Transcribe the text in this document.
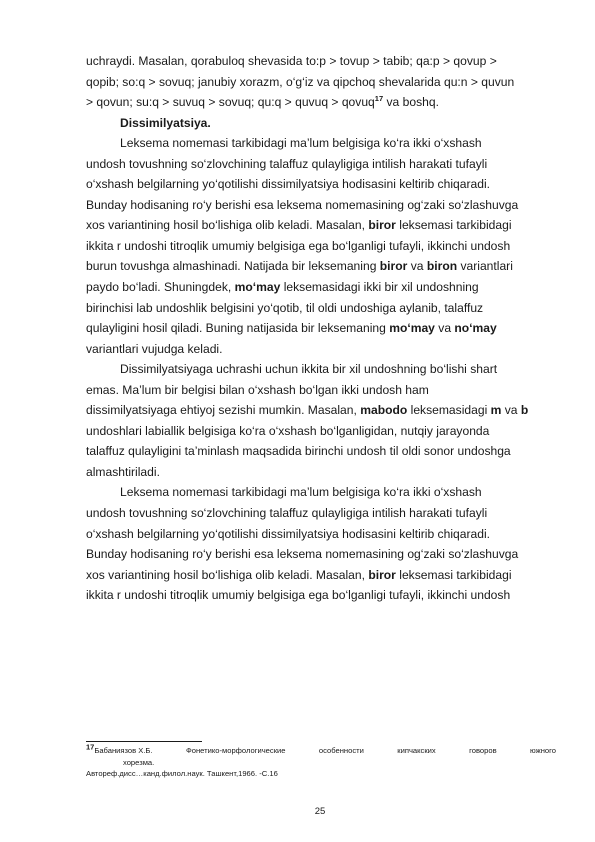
uchraydi. Masalan, qorabuloq shevasida to:p > tovup > tabib; qa:p > qovup >
qopib; so:q > sovuq; janubiy xorazm, o‘g‘iz va qipchoq shevalarida qu:n > quvun
> qovun; su:q > suvuq > sovuq; qu:q > quvuq > qovuq$^{17}$ va boshq.
Dissimilyatsiya.
Leksema nomemasi tarkibidagi ma’lum belgisiga ko‘ra ikki o‘xshash
undosh tovushning so‘zlovchining talaffuz qulayligiga intilish harakati tufayli
o‘xshash belgilarning yo‘qotilishi dissimilyatsiya hodisasini keltirib chiqaradi.
Bunday hodisaning ro‘y berishi esa leksema nomemasining og‘zaki so‘zlashuvga
xos variantining hosil bo‘lishiga olib keladi. Masalan, biror leksemasi tarkibidagi
ikkita r undoshi titroqlik umumiy belgisiga ega bo‘lganligi tufayli, ikkinchi undosh
burun tovushga almashinadi. Natijada bir leksemaning biror va biron variantlari
paydo bo‘ladi. Shuningdek, mo‘may leksemasidagi ikki bir xil undoshning
birinchisi lab undoshlik belgisini yo‘qotib, til oldi undoshiga aylanib, talaffuz
qulayligini hosil qiladi. Buning natijasida bir leksemaning mo‘may va no‘may
variantlari vujudga keladi.
Dissimilyatsiyaga uchrashi uchun ikkita bir xil undoshning bo‘lishi shart
emas. Ma’lum bir belgisi bilan o‘xshash bo‘lgan ikki undosh ham
dissimilyatsiyaga ehtiyoj sezishi mumkin. Masalan, mabodo leksemasidagi m va b
undoshlari labiallik belgisiga ko‘ra o‘xshash bo‘lganligidan, nutqiy jarayonda
talaffuz qulayligini ta’minlash maqsadida birinchi undosh til oldi sonor undoshga
almashtiriladi.
Leksema nomemasi tarkibidagi ma’lum belgisiga ko‘ra ikki o‘xshash
undosh tovushning so‘zlovchining talaffuz qulayligiga intilish harakati tufayli
o‘xshash belgilarning yo‘qotilishi dissimilyatsiya hodisasini keltirib chiqaradi.
Bunday hodisaning ro‘y berishi esa leksema nomemasining og‘zaki so‘zlashuvga
xos variantining hosil bo‘lishiga olib keladi. Masalan, biror leksemasi tarkibidagi
ikkita r undoshi titroqlik umumiy belgisiga ega bo‘lganligi tufayli, ikkinchi undosh
$^{17}$Бабаниязов Х.Б.	Фонетико-морфологические	особенности	кипчакских	говоров	южного
хорезма.
Автореф.дисс…канд.филол.наук. Ташкент,1966. -С.16
25
